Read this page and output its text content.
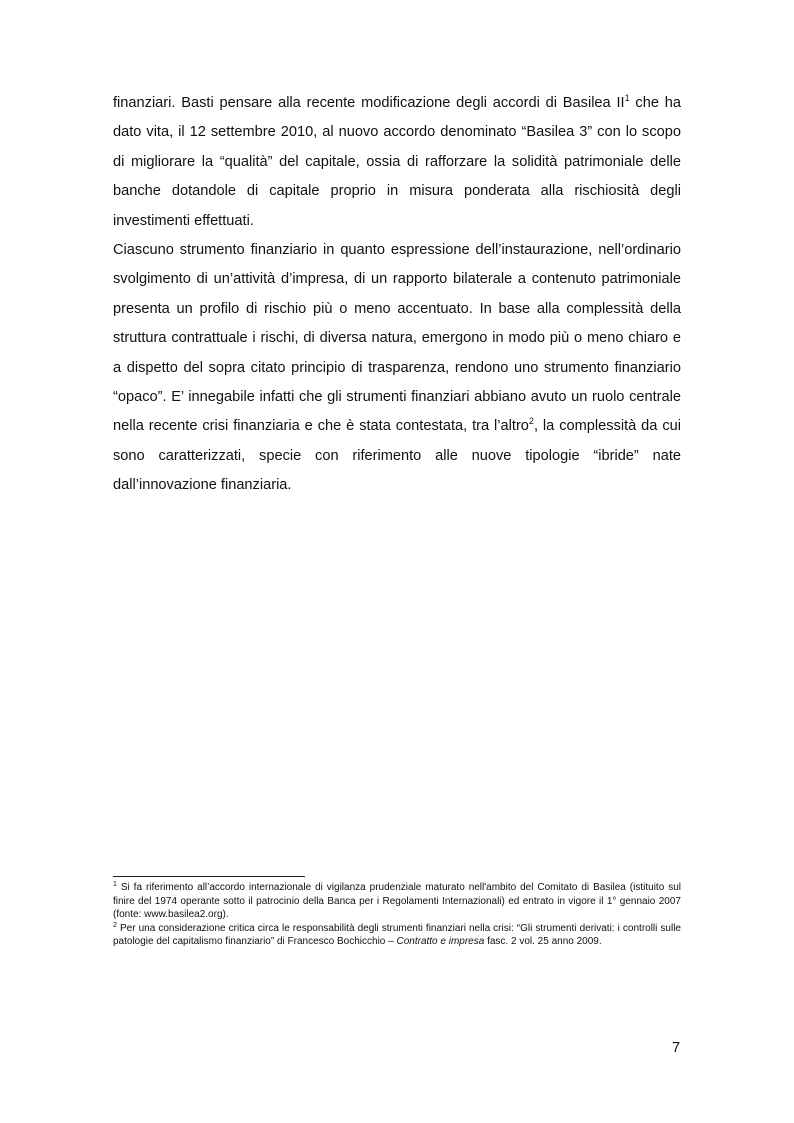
finanziari. Basti pensare alla recente modificazione degli accordi di Basilea II$^1$ che ha dato vita, il 12 settembre 2010, al nuovo accordo denominato “Basilea 3” con lo scopo di migliorare la “qualità” del capitale, ossia di rafforzare la solidità patrimoniale delle banche dotandole di capitale proprio in misura ponderata alla rischiosità degli investimenti effettuati.

Ciascuno strumento finanziario in quanto espressione dell’instaurazione, nell’ordinario svolgimento di un’attività d’impresa, di un rapporto bilaterale a contenuto patrimoniale presenta un profilo di rischio più o meno accentuato. In base alla complessità della struttura contrattuale i rischi, di diversa natura, emergono in modo più o meno chiaro e a dispetto del sopra citato principio di trasparenza, rendono uno strumento finanziario “opaco”. E’ innegabile infatti che gli strumenti finanziari abbiano avuto un ruolo centrale nella recente crisi finanziaria e che è stata contestata, tra l’altro$^2$, la complessità da cui sono caratterizzati, specie con riferimento alle nuove tipologie “ibride” nate dall’innovazione finanziaria.

$^1$ Si fa riferimento all’accordo internazionale di vigilanza prudenziale maturato nell'ambito del Comitato di Basilea (istituito sul finire del 1974 operante sotto il patrocinio della Banca per i Regolamenti Internazionali) ed entrato in vigore il 1° gennaio 2007 (fonte: www.basilea2.org).

$^2$ Per una considerazione critica circa le responsabilità degli strumenti finanziari nella crisi: “Gli strumenti derivati: i controlli sulle patologie del capitalismo finanziario” di Francesco Bochicchio – Contratto e impresa fasc. 2 vol. 25 anno 2009.

7
